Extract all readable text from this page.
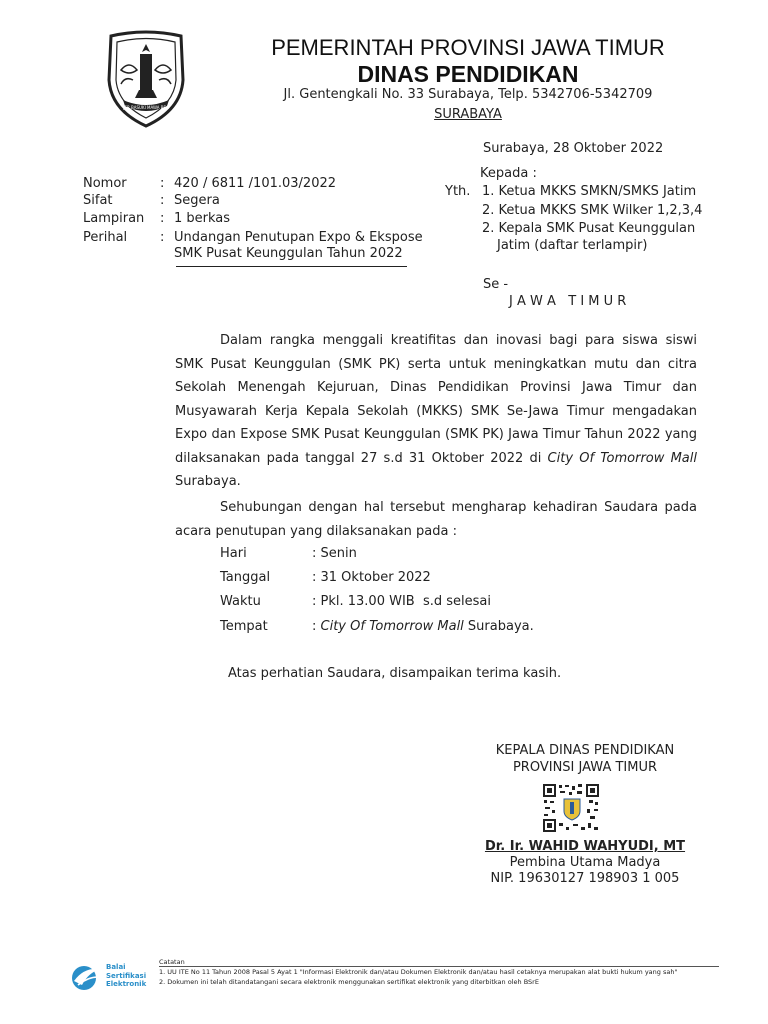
JER BASUKI MAWA BEA
PEMERINTAH PROVINSI JAWA TIMUR
DINAS PENDIDIKAN
Jl. Gentengkali No. 33 Surabaya, Telp. 5342706-5342709
SURABAYA
Surabaya, 28 Oktober 2022
Nomor	: 420 / 6811 /101.03/2022
Sifat	: Segera
Lampiran : 1 berkas
Perihal	: Undangan Penutupan Expo & Ekspose
SMK Pusat Keunggulan Tahun 2022
Kepada :
Yth. 1. Ketua MKKS SMKN/SMKS Jatim
2. Ketua MKKS SMK Wilker 1,2,3,4
2. Kepala SMK Pusat Keunggulan
Jatim (daftar terlampir)
Se -
J A W A   T I M U R

Dalam rangka menggali kreatifitas dan inovasi bagi para siswa siswi SMK Pusat Keunggulan (SMK PK) serta untuk meningkatkan mutu dan citra Sekolah Menengah Kejuruan, Dinas Pendidikan Provinsi Jawa Timur dan Musyawarah Kerja Kepala Sekolah (MKKS) SMK Se-Jawa Timur mengadakan Expo dan Expose SMK Pusat Keunggulan (SMK PK) Jawa Timur Tahun 2022 yang dilaksanakan pada tanggal 27 s.d 31 Oktober 2022 di City Of Tomorrow Mall Surabaya.

Sehubungan dengan hal tersebut mengharap kehadiran Saudara pada acara penutupan yang dilaksanakan pada :

Hari	: Senin
Tanggal	: 31 Oktober 2022
Waktu	: Pkl. 13.00 WIB  s.d selesai
Tempat	: City Of Tomorrow Mall Surabaya.
Atas perhatian Saudara, disampaikan terima kasih.
KEPALA DINAS PENDIDIKAN
PROVINSI JAWA TIMUR
Dr. Ir. WAHID WAHYUDI, MT
Pembina Utama Madya
NIP. 19630127 198903 1 005
Balai
Sertifikasi
Elektronik
Catatan
1. UU ITE No 11 Tahun 2008 Pasal 5 Ayat 1 "Informasi Elektronik dan/atau Dokumen Elektronik dan/atau hasil cetaknya merupakan alat bukti hukum yang sah"
2. Dokumen ini telah ditandatangani secara elektronik menggunakan sertifikat elektronik yang diterbitkan oleh BSrE
